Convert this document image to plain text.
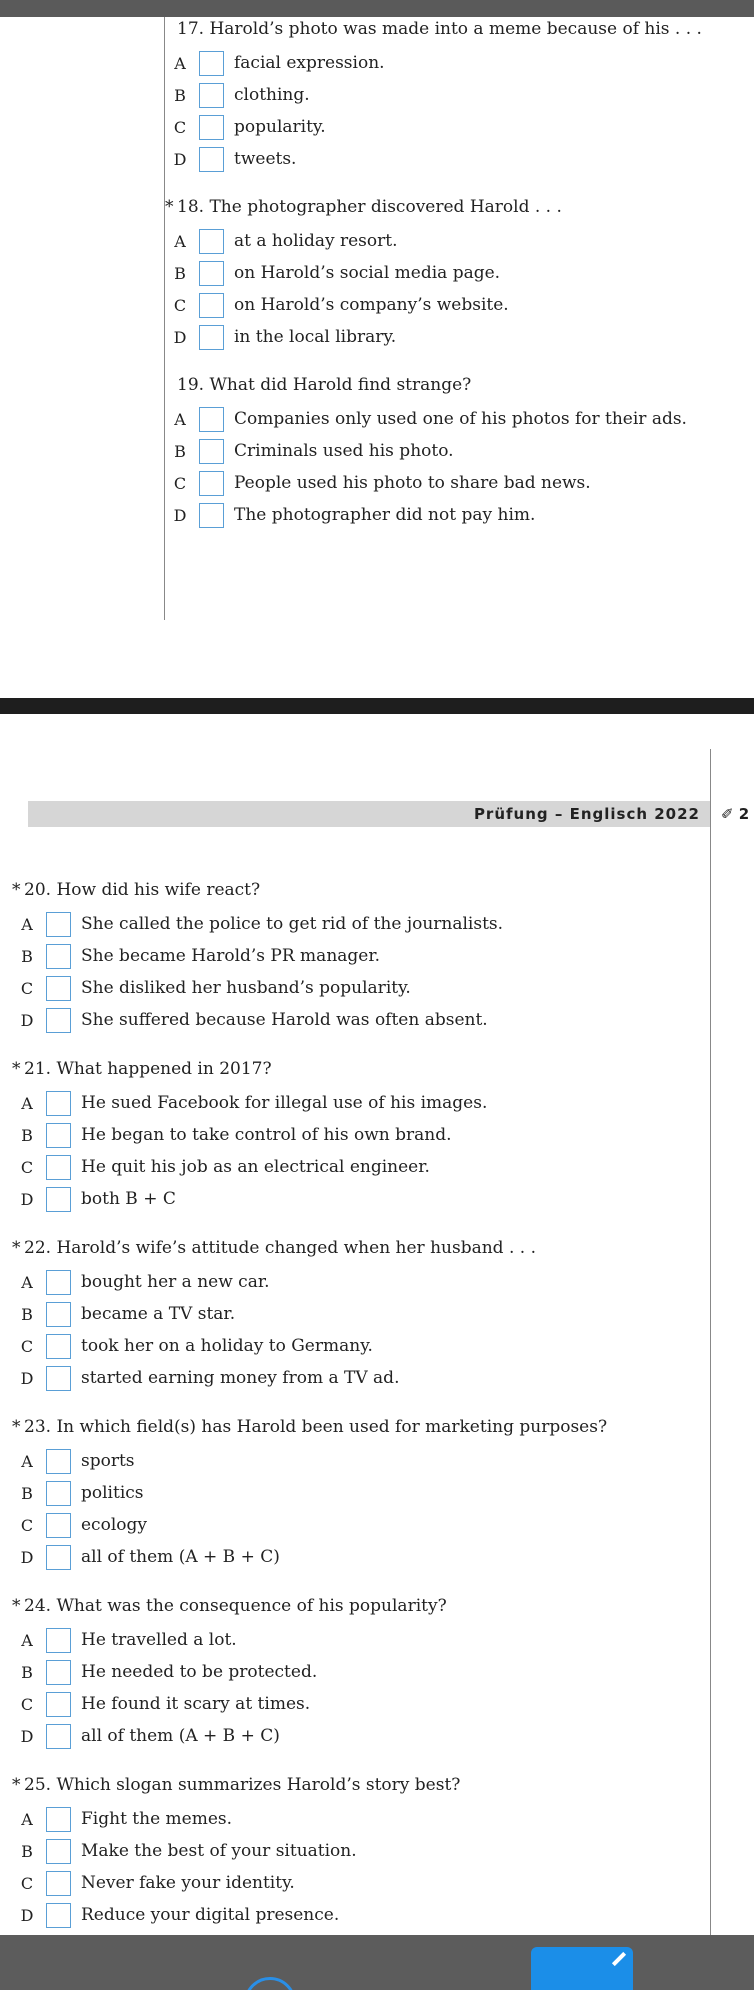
17. Harold’s photo was made into a meme because of his . . .
A	facial expression.
B	clothing.
C	popularity.
D	tweets.
* 18. The photographer discovered Harold . . .
A	at a holiday resort.
B	on Harold’s social media page.
C	on Harold’s company’s website.
D	in the local library.
19. What did Harold find strange?
A	Companies only used one of his photos for their ads.
B	Criminals used his photo.
C	People used his photo to share bad news.
D	The photographer did not pay him.
Prüfung – Englisch 2022	✐ 2
* 20. How did his wife react?
A	She called the police to get rid of the journalists.
B	She became Harold’s PR manager.
C	She disliked her husband’s popularity.
D	She suffered because Harold was often absent.
* 21. What happened in 2017?
A	He sued Facebook for illegal use of his images.
B	He began to take control of his own brand.
C	He quit his job as an electrical engineer.
D	both B + C
* 22. Harold’s wife’s attitude changed when her husband . . .
A	bought her a new car.
B	became a TV star.
C	took her on a holiday to Germany.
D	started earning money from a TV ad.
* 23. In which field(s) has Harold been used for marketing purposes?
A	sports
B	politics
C	ecology
D	all of them (A + B + C)
* 24. What was the consequence of his popularity?
A	He travelled a lot.
B	He needed to be protected.
C	He found it scary at times.
D	all of them (A + B + C)
* 25. Which slogan summarizes Harold’s story best?
A	Fight the memes.
B	Make the best of your situation.
C	Never fake your identity.
D	Reduce your digital presence.
